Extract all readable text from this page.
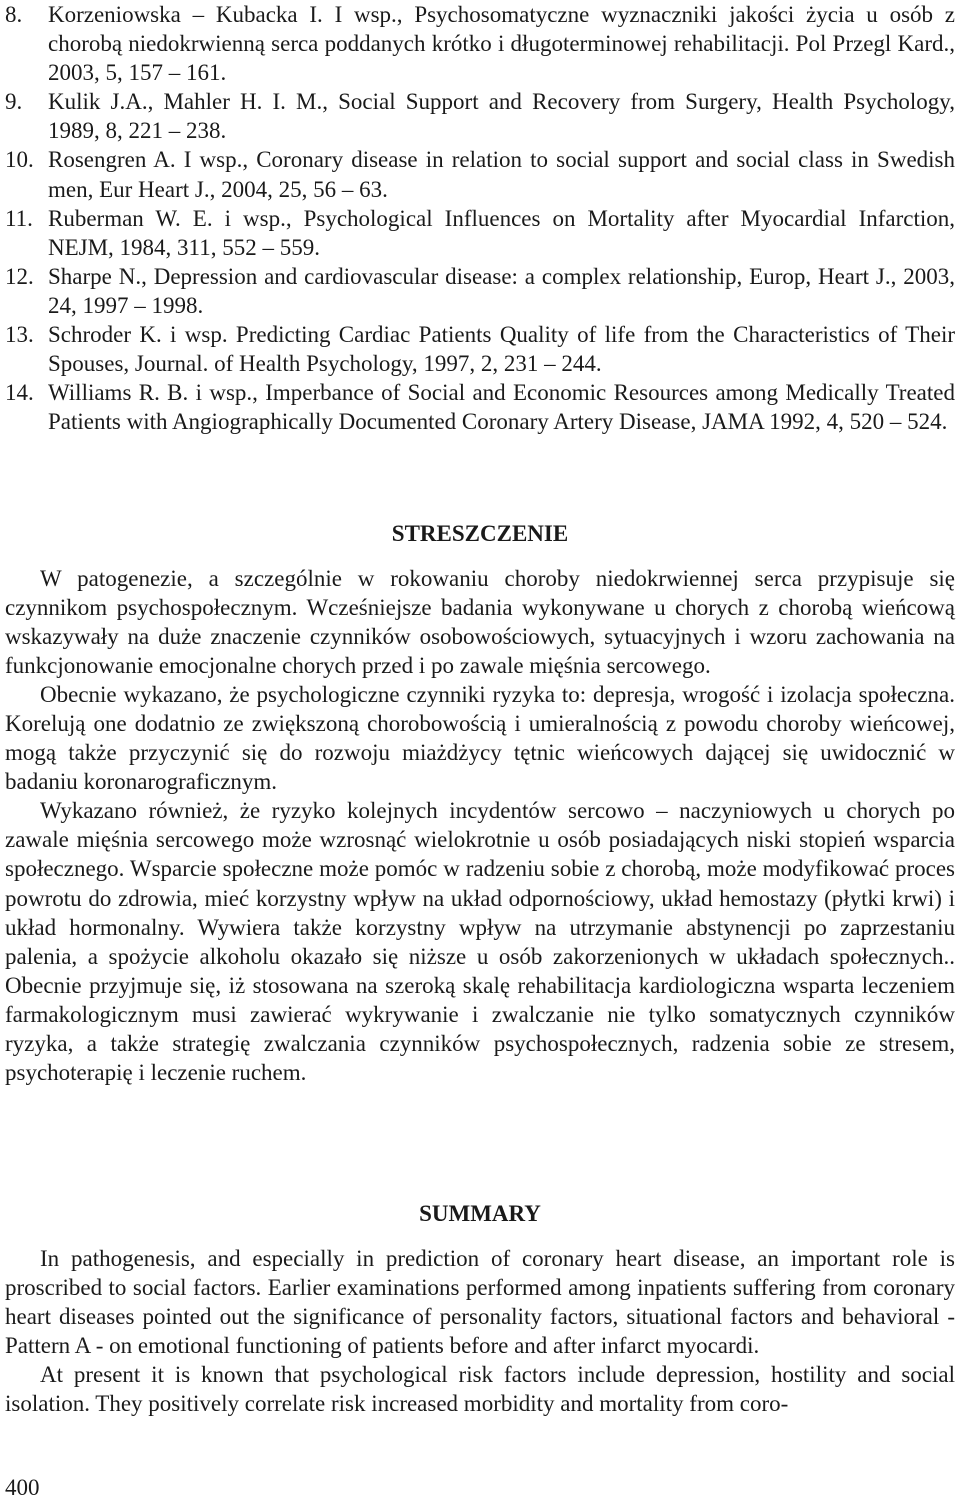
8. Korzeniowska – Kubacka I. I wsp., Psychosomatyczne wyznaczniki jakości życia u osób z chorobą niedokrwienną serca poddanych krótko i długoterminowej rehabilitacji. Pol Przegl Kard., 2003, 5, 157 – 161.
9. Kulik J.A., Mahler H. I. M., Social Support and Recovery from Surgery, Health Psychology, 1989, 8, 221 – 238.
10. Rosengren A. I wsp., Coronary disease in relation to social support and social class in Swedish men, Eur Heart J., 2004, 25, 56 – 63.
11. Ruberman W. E. i wsp., Psychological Influences on Mortality after Myocardial Infarction, NEJM, 1984, 311, 552 – 559.
12. Sharpe N., Depression and cardiovascular disease: a complex relationship, Europ, Heart J., 2003, 24, 1997 – 1998.
13. Schroder K. i wsp. Predicting Cardiac Patients Quality of life from the Characteristics of Their Spouses, Journal. of Health Psychology, 1997, 2, 231 – 244.
14. Williams R. B. i wsp., Imperbance of Social and Economic Resources among Medically Treated Patients with Angiographically Documented Coronary Artery Disease, JAMA 1992, 4, 520 – 524.
STRESZCZENIE

W patogenezie, a szczególnie w rokowaniu choroby niedokrwiennej serca przypisuje się czynnikom psychospołecznym. Wcześniejsze badania wykonywane u chorych z chorobą wieńcową wskazywały na duże znaczenie czynników osobowościowych, sytuacyjnych i wzoru zachowania na funkcjonowanie emocjonalne chorych przed i po zawale mięśnia sercowego.

Obecnie wykazano, że psychologiczne czynniki ryzyka to: depresja, wrogość i izolacja społeczna. Korelują one dodatnio ze zwiększoną chorobowością i umieralnością z powodu choroby wieńcowej, mogą także przyczynić się do rozwoju miażdżycy tętnic wieńcowych dającej się uwidocznić w badaniu koronarograficznym.

Wykazano również, że ryzyko kolejnych incydentów sercowo – naczyniowych u chorych po zawale mięśnia sercowego może wzrosnąć wielokrotnie u osób posiadających niski stopień wsparcia społecznego. Wsparcie społeczne może pomóc w radzeniu sobie z chorobą, może modyfikować proces powrotu do zdrowia, mieć korzystny wpływ na układ odpornościowy, układ hemostazy (płytki krwi) i układ hormonalny. Wywiera także korzystny wpływ na utrzymanie abstynencji po zaprzestaniu palenia, a spożycie alkoholu okazało się niższe u osób zakorzenionych w układach społecznych.. Obecnie przyjmuje się, iż stosowana na szeroką skalę rehabilitacja kardiologiczna wsparta leczeniem farmakologicznym musi zawierać wykrywanie i zwalczanie nie tylko somatycznych czynników ryzyka, a także strategię zwalczania czynników psychospołecznych, radzenia sobie ze stresem, psychoterapię i leczenie ruchem.

SUMMARY

In pathogenesis, and especially in prediction of coronary heart disease, an important role is proscribed to social factors. Earlier examinations performed among inpatients suffering from coronary heart diseases pointed out the significance of personality factors, situational factors and behavioral - Pattern A - on emotional functioning of patients before and after infarct myocardi.

At present it is known that psychological risk factors include depression, hostility and social isolation. They positively correlate risk increased morbidity and mortality from coro-

400
